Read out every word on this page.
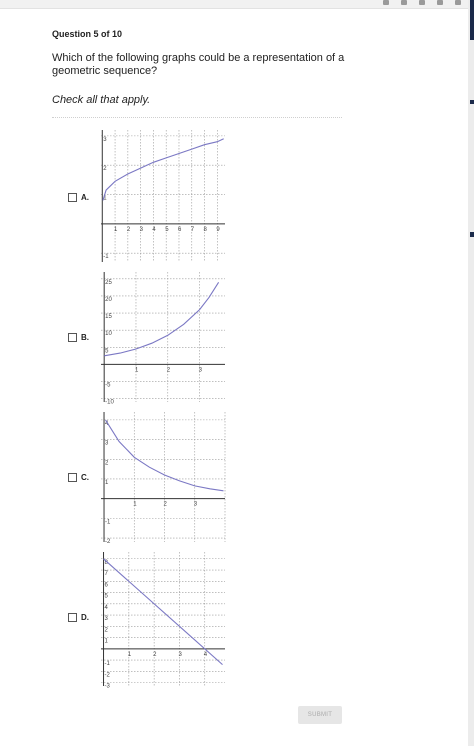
Question 5 of 10
Which of the following graphs could be a representation of a geometric sequence?
Check all that apply.
A.
1 2 3 4 5 6 7 8 9
3
2
1
-1
B.
1	2	3
25
20
15
10
5
-5
-10
C.
1	2	3
4
3
2
1
-1
-2
D.
1	2	3	4
8
7
6
5
4
3
2
1
-1
-2
-3
SUBMIT
